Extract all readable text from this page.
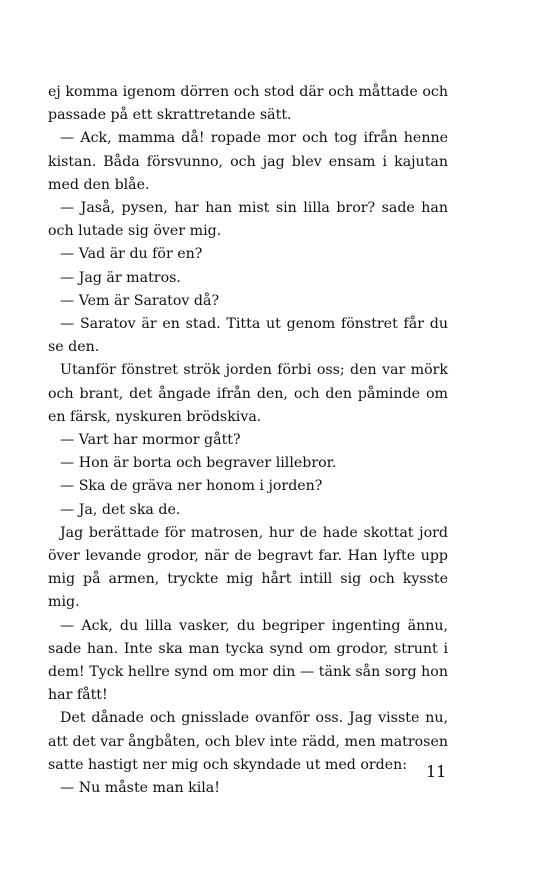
ej komma igenom dörren och stod där och måttade och passade på ett skrattretande sätt.

— Ack, mamma då! ropade mor och tog ifrån henne kistan. Båda försvunno, och jag blev ensam i kajutan med den blåe.

— Jaså, pysen, har han mist sin lilla bror? sade han och lutade sig över mig.

— Vad är du för en?

— Jag är matros.

— Vem är Saratov då?

— Saratov är en stad. Titta ut genom fönstret får du se den.

Utanför fönstret strök jorden förbi oss; den var mörk och brant, det ångade ifrån den, och den påminde om en färsk, nyskuren brödskiva.

— Vart har mormor gått?

— Hon är borta och begraver lillebror.

— Ska de gräva ner honom i jorden?

— Ja, det ska de.

Jag berättade för matrosen, hur de hade skottat jord över levande grodor, när de begravt far. Han lyfte upp mig på armen, tryckte mig hårt intill sig och kysste mig.

— Ack, du lilla vasker, du begriper ingenting ännu, sade han. Inte ska man tycka synd om grodor, strunt i dem! Tyck hellre synd om mor din — tänk sån sorg hon har fått!

Det dånade och gnisslade ovanför oss. Jag visste nu, att det var ångbåten, och blev inte rädd, men matrosen satte hastigt ner mig och skyndade ut med orden:

— Nu måste man kila!

11
